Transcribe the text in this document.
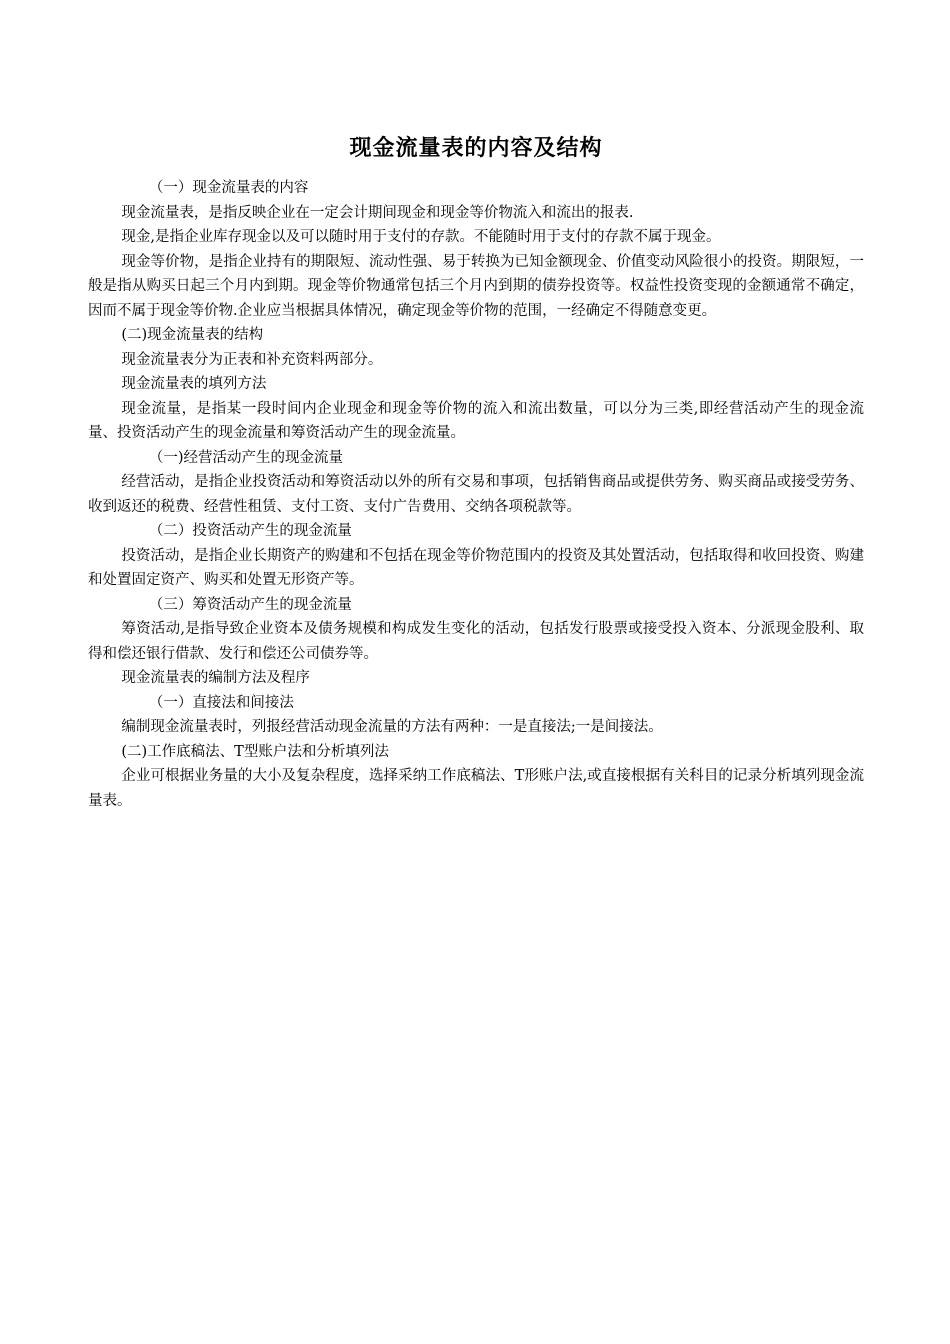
现金流量表的内容及结构

（一）现金流量表的内容

现金流量表，是指反映企业在一定会计期间现金和现金等价物流入和流出的报表.

现金,是指企业库存现金以及可以随时用于支付的存款。不能随时用于支付的存款不属于现金。

现金等价物，是指企业持有的期限短、流动性强、易于转换为已知金额现金、价值变动风险很小的投资。期限短，一般是指从购买日起三个月内到期。现金等价物通常包括三个月内到期的债券投资等。权益性投资变现的金额通常不确定，因而不属于现金等价物.企业应当根据具体情况，确定现金等价物的范围，一经确定不得随意变更。

(二)现金流量表的结构

现金流量表分为正表和补充资料两部分。

现金流量表的填列方法

现金流量，是指某一段时间内企业现金和现金等价物的流入和流出数量，可以分为三类,即经营活动产生的现金流量、投资活动产生的现金流量和筹资活动产生的现金流量。

（一)经营活动产生的现金流量

经营活动，是指企业投资活动和筹资活动以外的所有交易和事项，包括销售商品或提供劳务、购买商品或接受劳务、收到返还的税费、经营性租赁、支付工资、支付广告费用、交纳各项税款等。

（二）投资活动产生的现金流量

投资活动，是指企业长期资产的购建和不包括在现金等价物范围内的投资及其处置活动，包括取得和收回投资、购建和处置固定资产、购买和处置无形资产等。

（三）筹资活动产生的现金流量

筹资活动,是指导致企业资本及债务规模和构成发生变化的活动，包括发行股票或接受投入资本、分派现金股利、取得和偿还银行借款、发行和偿还公司债券等。

现金流量表的编制方法及程序

（一）直接法和间接法

编制现金流量表时，列报经营活动现金流量的方法有两种：一是直接法;一是间接法。

(二)工作底稿法、T型账户法和分析填列法

企业可根据业务量的大小及复杂程度，选择采纳工作底稿法、T形账户法,或直接根据有关科目的记录分析填列现金流量表。
